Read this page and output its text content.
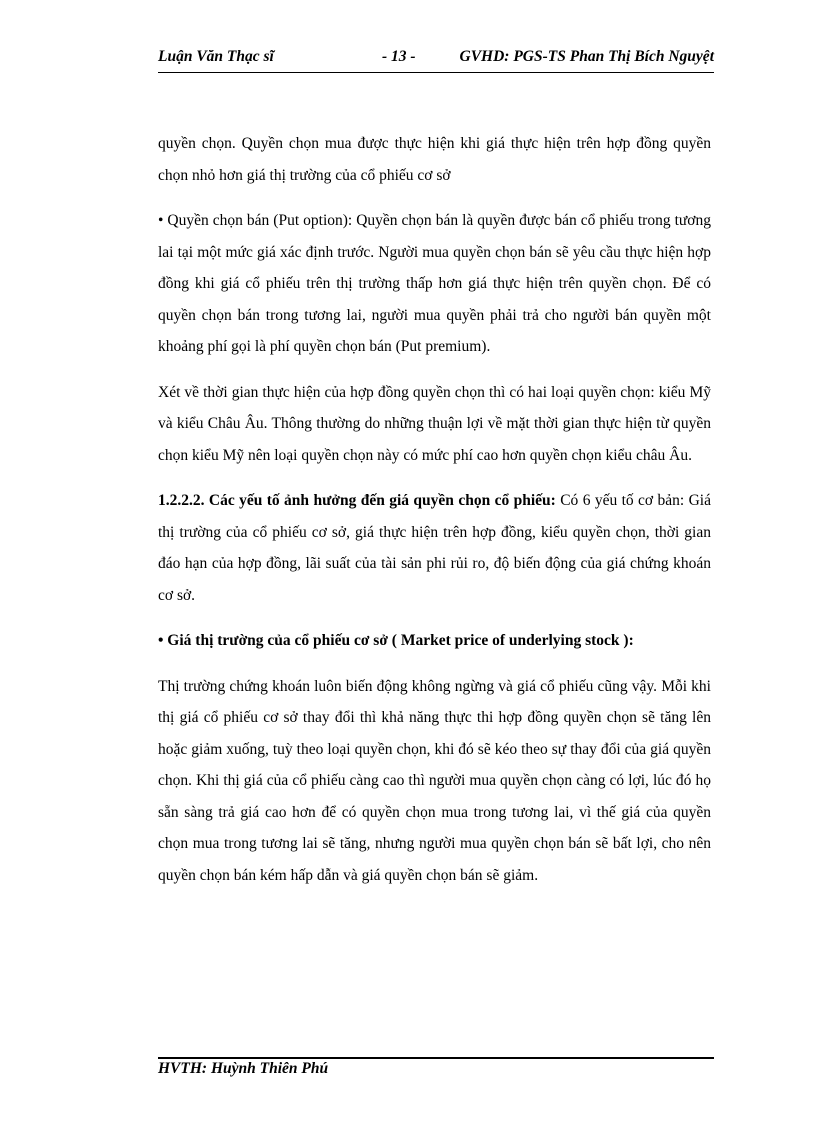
Luận Văn Thạc sĩ	- 13 -	GVHD: PGS-TS Phan Thị Bích Nguyệt

quyền chọn. Quyền chọn mua được thực hiện khi giá thực hiện trên hợp đồng quyền chọn nhỏ hơn giá thị trường của cổ phiếu cơ sở

• Quyền chọn bán (Put option): Quyền chọn bán là quyền được bán cổ phiếu trong tương lai tại một mức giá xác định trước. Người mua quyền chọn bán sẽ yêu cầu thực hiện hợp đồng khi giá cổ phiếu trên thị trường thấp hơn giá thực hiện trên quyền chọn. Để có quyền chọn bán trong tương lai, người mua quyền phải trả cho người bán quyền một khoảng phí gọi là phí quyền chọn bán (Put premium).

Xét về thời gian thực hiện của hợp đồng quyền chọn thì có hai loại quyền chọn: kiểu Mỹ và kiểu Châu Âu. Thông thường do những thuận lợi về mặt thời gian thực hiện từ quyền chọn kiểu Mỹ nên loại quyền chọn này có mức phí cao hơn quyền chọn kiểu châu Âu.

1.2.2.2. Các yếu tố ảnh hưởng đến giá quyền chọn cổ phiếu: Có 6 yếu tố cơ bản: Giá thị trường của cổ phiếu cơ sở, giá thực hiện trên hợp đồng, kiểu quyền chọn, thời gian đáo hạn của hợp đồng, lãi suất của tài sản phi rủi ro, độ biến động của giá chứng khoán cơ sở.

• Giá thị trường của cổ phiếu cơ sở ( Market price of underlying stock ):

Thị trường chứng khoán luôn biến động không ngừng và giá cổ phiếu cũng vậy. Mỗi khi thị giá cổ phiếu cơ sở thay đổi thì khả năng thực thi hợp đồng quyền chọn sẽ tăng lên hoặc giảm xuống, tuỳ theo loại quyền chọn, khi đó sẽ kéo theo sự thay đổi của giá quyền chọn. Khi thị giá của cổ phiếu càng cao thì người mua quyền chọn càng có lợi, lúc đó họ sẵn sàng trả giá cao hơn để có quyền chọn mua trong tương lai, vì thế giá của quyền chọn mua trong tương lai sẽ tăng, nhưng người mua quyền chọn bán sẽ bất lợi, cho nên quyền chọn bán kém hấp dẫn và giá quyền chọn bán sẽ giảm.

HVTH: Huỳnh Thiên Phú
